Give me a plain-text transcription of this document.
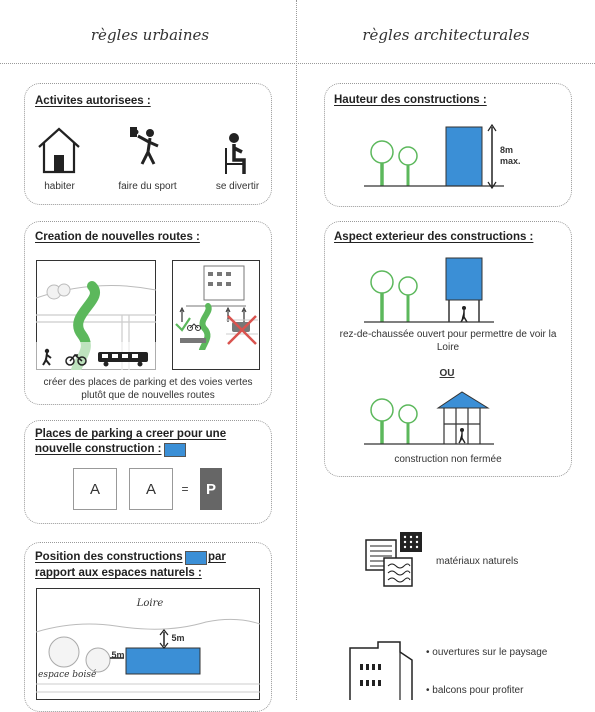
règles urbaines	règles architecturales
Activites autorisees :
habiter	faire du sport	se divertir
Creation de nouvelles routes :
créer des places de parking et des voies vertes plutôt que de nouvelles routes
Places de parking a creer pour une
nouvelle construction :
A	A	=	P
Position des constructions par
rapport aux espaces naturels :
Loire
5m
5m
espace boisé
Hauteur des constructions :
8m
max.
Aspect exterieur des constructions :
rez-de-chaussée ouvert pour permettre de voir la Loire
OU
construction non fermée
matériaux naturels
• ouvertures sur le paysage
• balcons pour profiter
